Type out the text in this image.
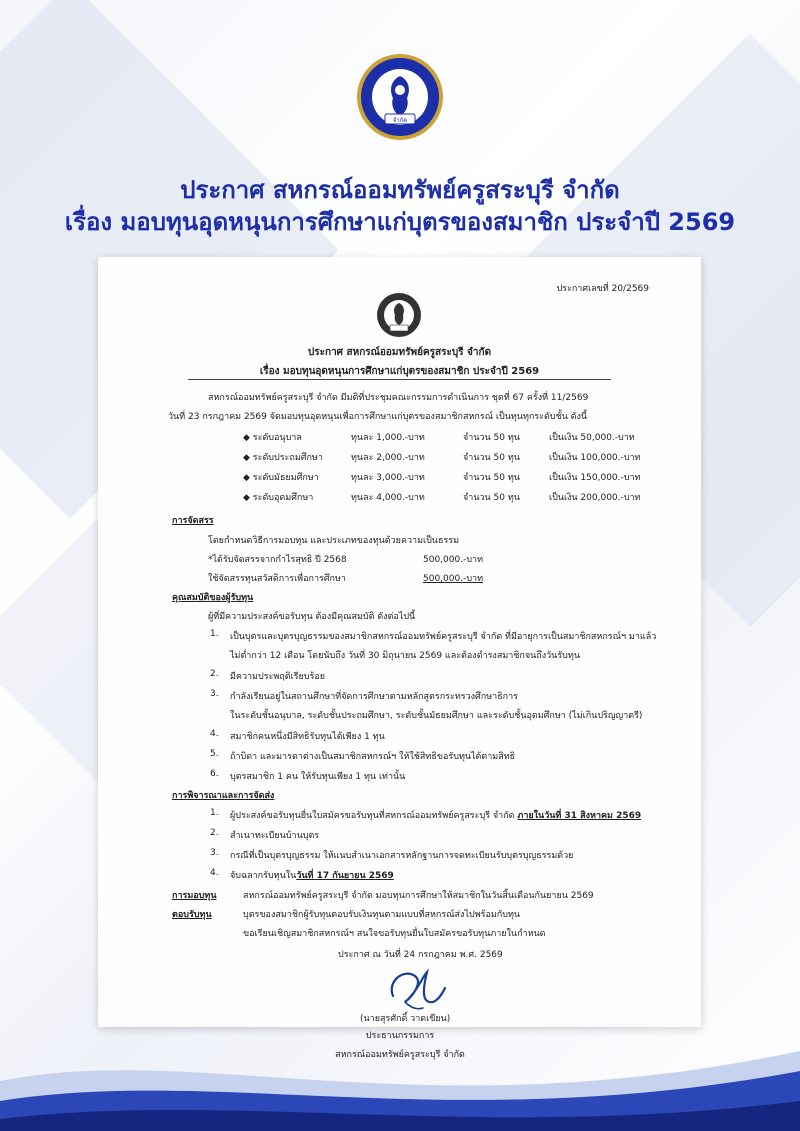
จำกัด
ประกาศ สหกรณ์ออมทรัพย์ครูสระบุรี จำกัด
เรื่อง มอบทุนอุดหนุนการศึกษาแก่บุตรของสมาชิก ประจำปี 2569
ประกาศเลขที่ 20/2569
ประกาศ สหกรณ์ออมทรัพย์ครูสระบุรี จำกัด
เรื่อง มอบทุนอุดหนุนการศึกษาแก่บุตรของสมาชิก ประจำปี 2569
สหกรณ์ออมทรัพย์ครูสระบุรี จำกัด มีมติที่ประชุมคณะกรรมการดำเนินการ ชุดที่ 67 ครั้งที่ 11/2569
วันที่ 23 กรกฎาคม 2569 จัดมอบทุนอุดหนุนเพื่อการศึกษาแก่บุตรของสมาชิกสหกรณ์ เป็นทุนทุกระดับชั้น ดังนี้
◆ ระดับอนุบาล	ทุนละ 1,000.-บาท	จำนวน 50 ทุน	เป็นเงิน 50,000.-บาท
◆ ระดับประถมศึกษา	ทุนละ 2,000.-บาท	จำนวน 50 ทุน	เป็นเงิน 100,000.-บาท
◆ ระดับมัธยมศึกษา	ทุนละ 3,000.-บาท	จำนวน 50 ทุน	เป็นเงิน 150,000.-บาท
◆ ระดับอุดมศึกษา	ทุนละ 4,000.-บาท	จำนวน 50 ทุน	เป็นเงิน 200,000.-บาท
การจัดสรร
โดยกำหนดวิธีการมอบทุน และประเภทของทุนด้วยความเป็นธรรม
*ได้รับจัดสรรจากกำไรสุทธิ ปี 2568	500,000.-บาท
ใช้จัดสรรทุนสวัสดิการเพื่อการศึกษา	500,000.-บาท
คุณสมบัติของผู้รับทุน
ผู้ที่มีความประสงค์ขอรับทุน ต้องมีคุณสมบัติ ดังต่อไปนี้
1. เป็นบุตรและบุตรบุญธรรมของสมาชิกสหกรณ์ออมทรัพย์ครูสระบุรี จำกัด ที่มีอายุการเป็นสมาชิกสหกรณ์ฯ มาแล้ว
ไม่ต่ำกว่า 12 เดือน โดยนับถึง วันที่ 30 มิถุนายน 2569 และต้องดำรงสมาชิกจนถึงวันรับทุน
2. มีความประพฤติเรียบร้อย
3. กำลังเรียนอยู่ในสถานศึกษาที่จัดการศึกษาตามหลักสูตรกระทรวงศึกษาธิการ
ในระดับชั้นอนุบาล, ระดับชั้นประถมศึกษา, ระดับชั้นมัธยมศึกษา และระดับชั้นอุดมศึกษา (ไม่เกินปริญญาตรี)
4. สมาชิกคนหนึ่งมีสิทธิรับทุนได้เพียง 1 ทุน
5. ถ้าบิดา และมารดาต่างเป็นสมาชิกสหกรณ์ฯ ให้ใช้สิทธิขอรับทุนได้ตามสิทธิ
6. บุตรสมาชิก 1 คน ให้รับทุนเพียง 1 ทุน เท่านั้น
การพิจารณาและการจัดส่ง
1. ผู้ประสงค์ขอรับทุนยื่นใบสมัครขอรับทุนที่สหกรณ์ออมทรัพย์ครูสระบุรี จำกัด ภายในวันที่ 31 สิงหาคม 2569
2. สำเนาทะเบียนบ้านบุตร
3. กรณีที่เป็นบุตรบุญธรรม ให้แนบสำเนาเอกสารหลักฐานการจดทะเบียนรับบุตรบุญธรรมด้วย
4. จับฉลากรับทุนในวันที่ 17 กันยายน 2569
การมอบทุน	สหกรณ์ออมทรัพย์ครูสระบุรี จำกัด มอบทุนการศึกษาให้สมาชิกในวันสิ้นเดือนกันยายน 2569
ตอบรับทุน	บุตรของสมาชิกผู้รับทุนตอบรับเงินทุนตามแบบที่สหกรณ์ส่งไปพร้อมกับทุน
ขอเรียนเชิญสมาชิกสหกรณ์ฯ สนใจขอรับทุนยื่นใบสมัครขอรับทุนภายในกำหนด
ประกาศ ณ วันที่ 24 กรกฎาคม พ.ศ. 2569
(นายสุรศักดิ์ วาดเขียน)
ประธานกรรมการ
สหกรณ์ออมทรัพย์ครูสระบุรี จำกัด
